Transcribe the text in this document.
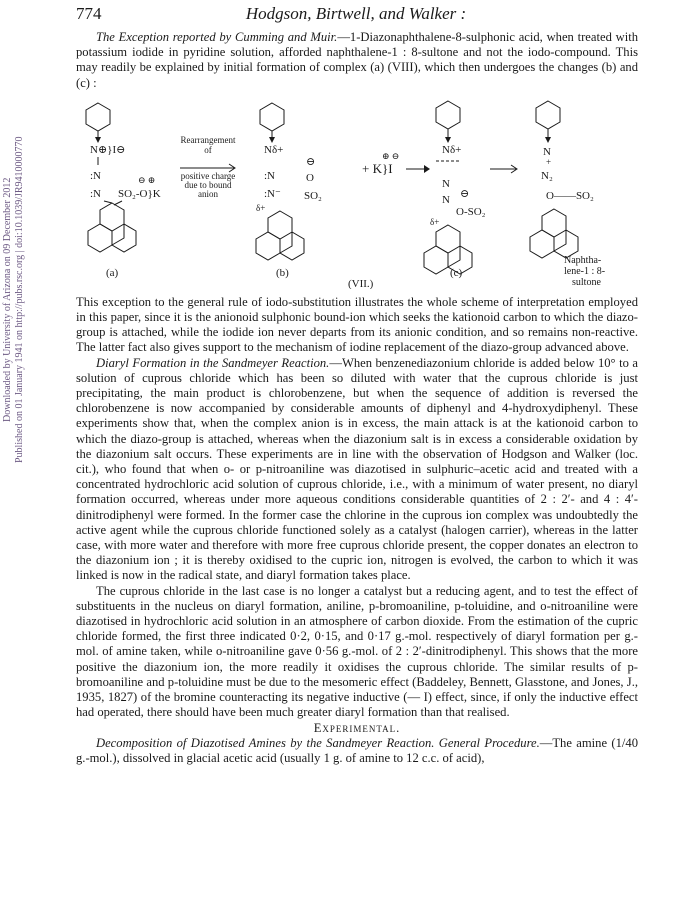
Downloaded by University of Arizona on 09 December 2012 Published on 01 January 1941 on http://pubs.rsc.org | doi:10.1039/JR9410000770
774	Hodgson, Birtwell, and Walker :

The Exception reported by Cumming and Muir.—1-Diazonaphthalene-8-sulphonic acid, when treated with potassium iodide in pyridine solution, afforded naphthalene-1 : 8-sultone and not the iodo-compound. This may readily be explained by initial formation of complex (a) (VIII), which then undergoes the changes (b) and (c) :

N⊕}I⊖
:N
:N
⊖ ⊕
SO₂-O}K
(a)
Rearrangement
of
positive charge
due to bound
anion
Nδ+
:N
:N⁻
⊖
O
SO₂
δ+
(b)
(VII.)
⊕ ⊖
+ K}I
Nδ+
N
N ⊖
O-SO₂
δ+
(c)
N
+
N₂
O——SO₂
Naphtha-
lene-1 : 8-
sultone

This exception to the general rule of iodo-substitution illustrates the whole scheme of interpretation employed in this paper, since it is the anionoid sulphonic bound-ion which seeks the kationoid carbon to which the diazo-group is attached, while the iodide ion never departs from its anionic condition, and so remains non-reactive. The latter fact also gives support to the mechanism of iodine replacement of the diazo-group advanced above.

Diaryl Formation in the Sandmeyer Reaction.—When benzenediazonium chloride is added below 10° to a solution of cuprous chloride which has been so diluted with water that the cuprous chloride is just precipitating, the main product is chlorobenzene, but when the sequence of addition is reversed the chlorobenzene is now accompanied by considerable amounts of diphenyl and 4-hydroxydiphenyl. These experiments show that, when the complex anion is in excess, the main attack is at the kationoid carbon to which the diazo-group is attached, whereas when the diazonium salt is in excess a considerable oxidation by the diazonium salt occurs. These experiments are in line with the observation of Hodgson and Walker (loc. cit.), who found that when o- or p-nitroaniline was diazotised in sulphuric–acetic acid and treated with a concentrated hydrochloric acid solution of cuprous chloride, i.e., with a minimum of water present, no diaryl formation occurred, whereas under more aqueous conditions considerable quantities of 2 : 2′- and 4 : 4′-dinitrodiphenyl were formed. In the former case the chlorine in the cuprous ion complex was undoubtedly the active agent while the cuprous chloride functioned solely as a catalyst (halogen carrier), whereas in the latter case, with more water and therefore with more free cuprous chloride present, the copper donates an electron to the diazonium ion ; it is thereby oxidised to the cupric ion, nitrogen is evolved, the carbon to which it was linked is now in the radical state, and diaryl formation takes place.

The cuprous chloride in the last case is no longer a catalyst but a reducing agent, and to test the effect of substituents in the nucleus on diaryl formation, aniline, p-bromoaniline, p-toluidine, and o-nitroaniline were diazotised in hydrochloric acid solution in an atmosphere of carbon dioxide. From the estimation of the cupric chloride formed, the first three indicated 0·2, 0·15, and 0·17 g.-mol. respectively of diaryl formation per g.-mol. of amine taken, while o-nitroaniline gave 0·56 g.-mol. of 2 : 2′-dinitrodiphenyl. This shows that the more positive the diazonium ion, the more readily it oxidises the cuprous chloride. The similar results of p-bromoaniline and p-toluidine must be due to the mesomeric effect (Baddeley, Bennett, Glasstone, and Jones, J., 1935, 1827) of the bromine counteracting its negative inductive (— I) effect, since, if only the inductive effect had operated, there should have been much greater diaryl formation than that realised.

Experimental.

Decomposition of Diazotised Amines by the Sandmeyer Reaction. General Procedure.—The amine (1/40 g.-mol.), dissolved in glacial acetic acid (usually 1 g. of amine to 12 c.c. of acid),
